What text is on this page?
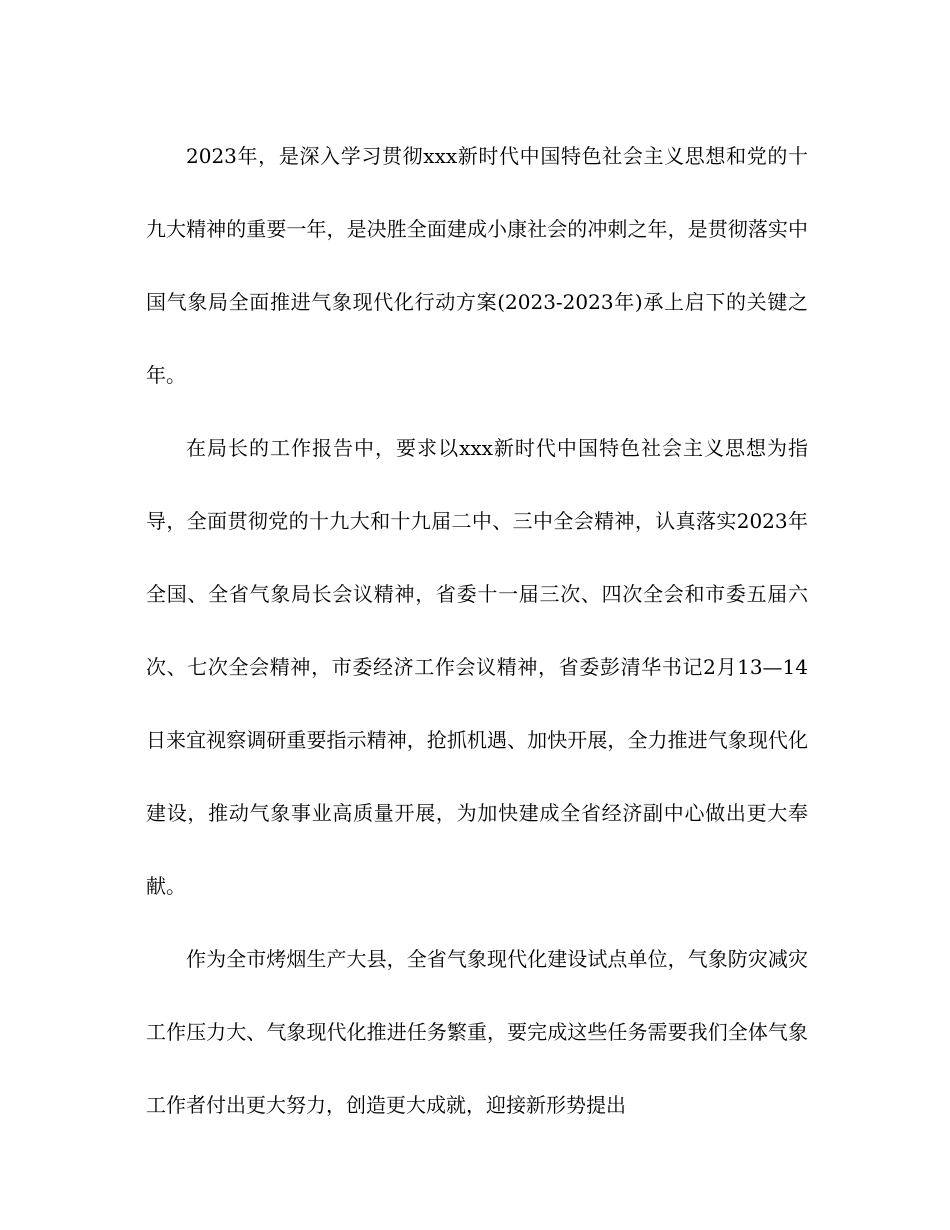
2023年，是深入学习贯彻xxx新时代中国特色社会主义思想和党的十九大精神的重要一年，是决胜全面建成小康社会的冲刺之年，是贯彻落实中国气象局全面推进气象现代化行动方案(2023-2023年)承上启下的关键之年。

在局长的工作报告中，要求以xxx新时代中国特色社会主义思想为指导，全面贯彻党的十九大和十九届二中、三中全会精神，认真落实2023年全国、全省气象局长会议精神，省委十一届三次、四次全会和市委五届六次、七次全会精神，市委经济工作会议精神，省委彭清华书记2月13—14日来宜视察调研重要指示精神，抢抓机遇、加快开展，全力推进气象现代化建设，推动气象事业高质量开展，为加快建成全省经济副中心做出更大奉献。

作为全市烤烟生产大县，全省气象现代化建设试点单位，气象防灾减灾工作压力大、气象现代化推进任务繁重，要完成这些任务需要我们全体气象工作者付出更大努力，创造更大成就，迎接新形势提出
